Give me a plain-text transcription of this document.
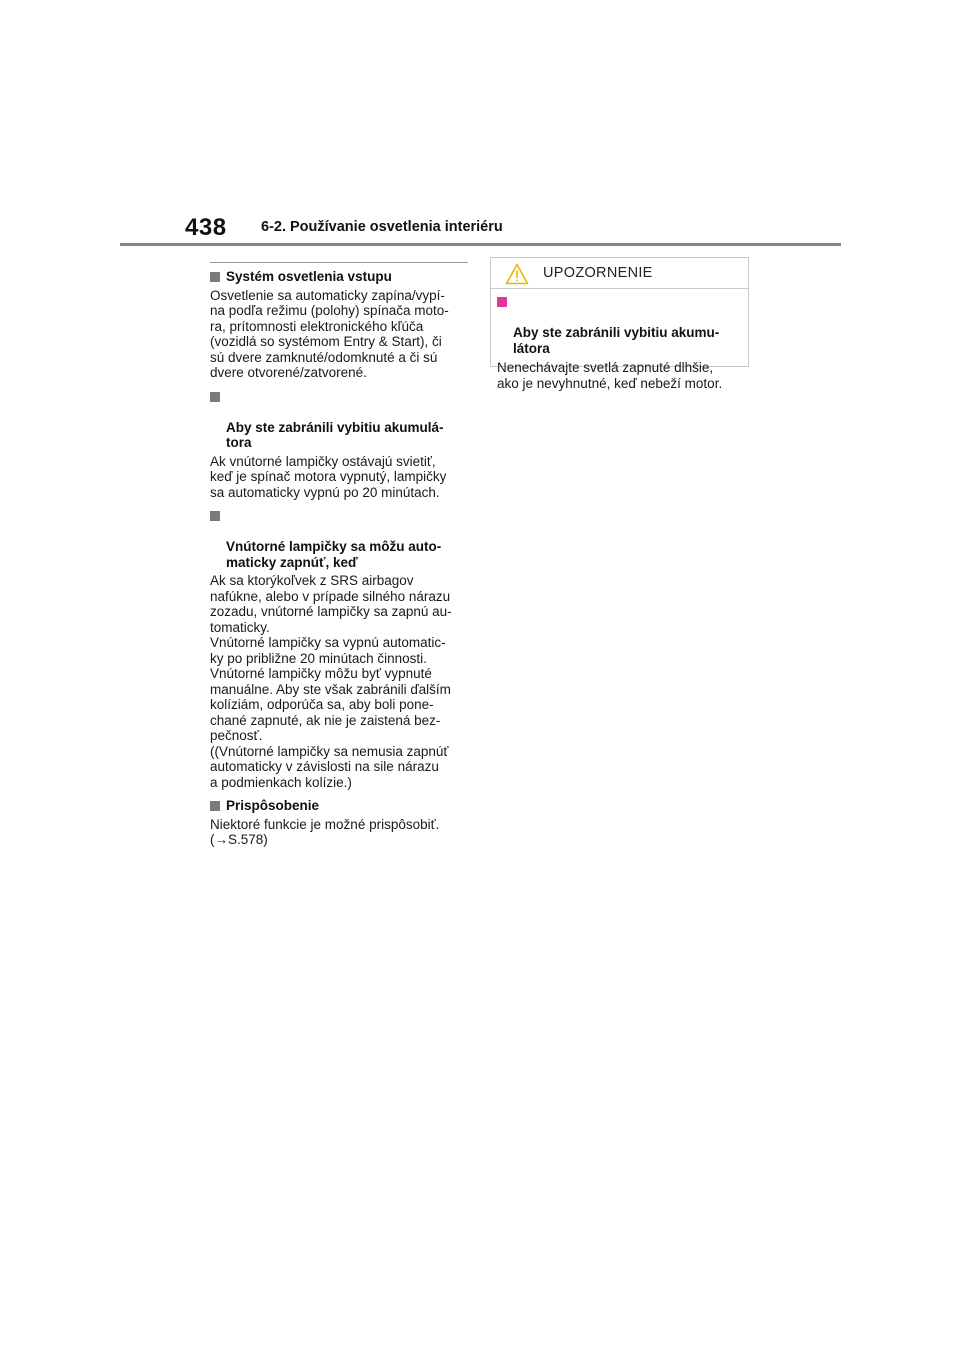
438 6-2. Používanie osvetlenia interiéru
Systém osvetlenia vstupu
Osvetlenie sa automaticky zapína/vypí-
na podľa režimu (polohy) spínača moto-
ra, prítomnosti elektronického kľúča
(vozidlá so systémom Entry & Start), či
sú dvere zamknuté/odomknuté a či sú
dvere otvorené/zatvorené.

Aby ste zabránili vybitiu akumulá-
tora

Ak vnútorné lampičky ostávajú svietiť,
keď je spínač motora vypnutý, lampičky
sa automaticky vypnú po 20 minútach.

Vnútorné lampičky sa môžu auto-
maticky zapnúť, keď

Ak sa ktorýkoľvek z SRS airbagov
nafúkne, alebo v prípade silného nárazu
zozadu, vnútorné lampičky sa zapnú au-
tomaticky.
Vnútorné lampičky sa vypnú automatic-
ky po približne 20 minútach činnosti.
Vnútorné lampičky môžu byť vypnuté
manuálne. Aby ste však zabránili ďalším
kolíziám, odporúča sa, aby boli pone-
chané zapnuté, ak nie je zaistená bez-
pečnosť.
((Vnútorné lampičky sa nemusia zapnúť
automaticky v závislosti na sile nárazu
a podmienkach kolízie.)
Prispôsobenie
Niektoré funkcie je možné prispôsobiť.
(→S.578)
UPOZORNENIE

Aby ste zabránili vybitiu akumu-
látora

Nenechávajte svetlá zapnuté dlhšie,
ako je nevyhnutné, keď nebeží motor.
